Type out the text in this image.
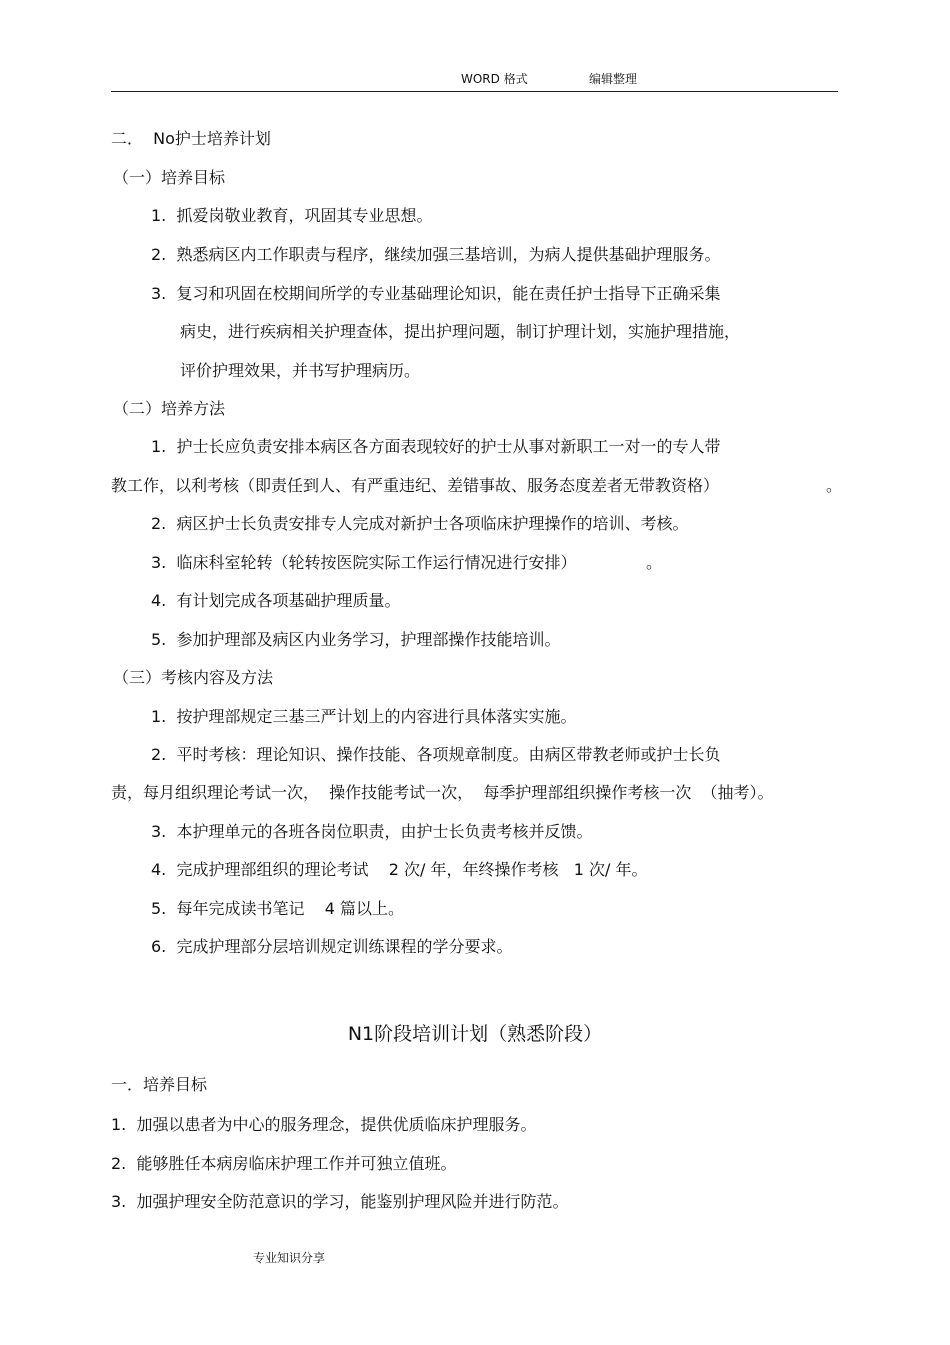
WORD 格式	编辑整理
二．  No护士培养计划
（一）培养目标
1.  抓爱岗敬业教育，巩固其专业思想。
2.  熟悉病区内工作职责与程序，继续加强三基培训，为病人提供基础护理服务。
3.  复习和巩固在校期间所学的专业基础理论知识，能在责任护士指导下正确采集
病史，进行疾病相关护理查体，提出护理问题，制订护理计划，实施护理措施，
评价护理效果，并书写护理病历。
（二）培养方法
1.  护士长应负责安排本病区各方面表现较好的护士从事对新职工一对一的专人带
教工作，以利考核（即责任到人、有严重违纪、差错事故、服务态度差者无带教资格）	。
2.  病区护士长负责安排专人完成对新护士各项临床护理操作的培训、考核。
3.  临床科室轮转（轮转按医院实际工作运行情况进行安排）	。
4.  有计划完成各项基础护理质量。
5.  参加护理部及病区内业务学习，护理部操作技能培训。
（三）考核内容及方法
1.  按护理部规定三基三严计划上的内容进行具体落实实施。
2.  平时考核：理论知识、操作技能、各项规章制度。由病区带教老师或护士长负
责，每月组织理论考试一次，  操作技能考试一次，  每季护理部组织操作考核一次  （抽考）。
3.  本护理单元的各班各岗位职责，由护士长负责考核并反馈。
4.  完成护理部组织的理论考试    2 次/ 年，年终操作考核   1 次/ 年。
5.  每年完成读书笔记    4 篇以上。
6.  完成护理部分层培训规定训练课程的学分要求。
N1阶段培训计划（熟悉阶段）
一．培养目标
1.  加强以患者为中心的服务理念，提供优质临床护理服务。
2.  能够胜任本病房临床护理工作并可独立值班。
3.  加强护理安全防范意识的学习，能鉴别护理风险并进行防范。
专业知识分享
